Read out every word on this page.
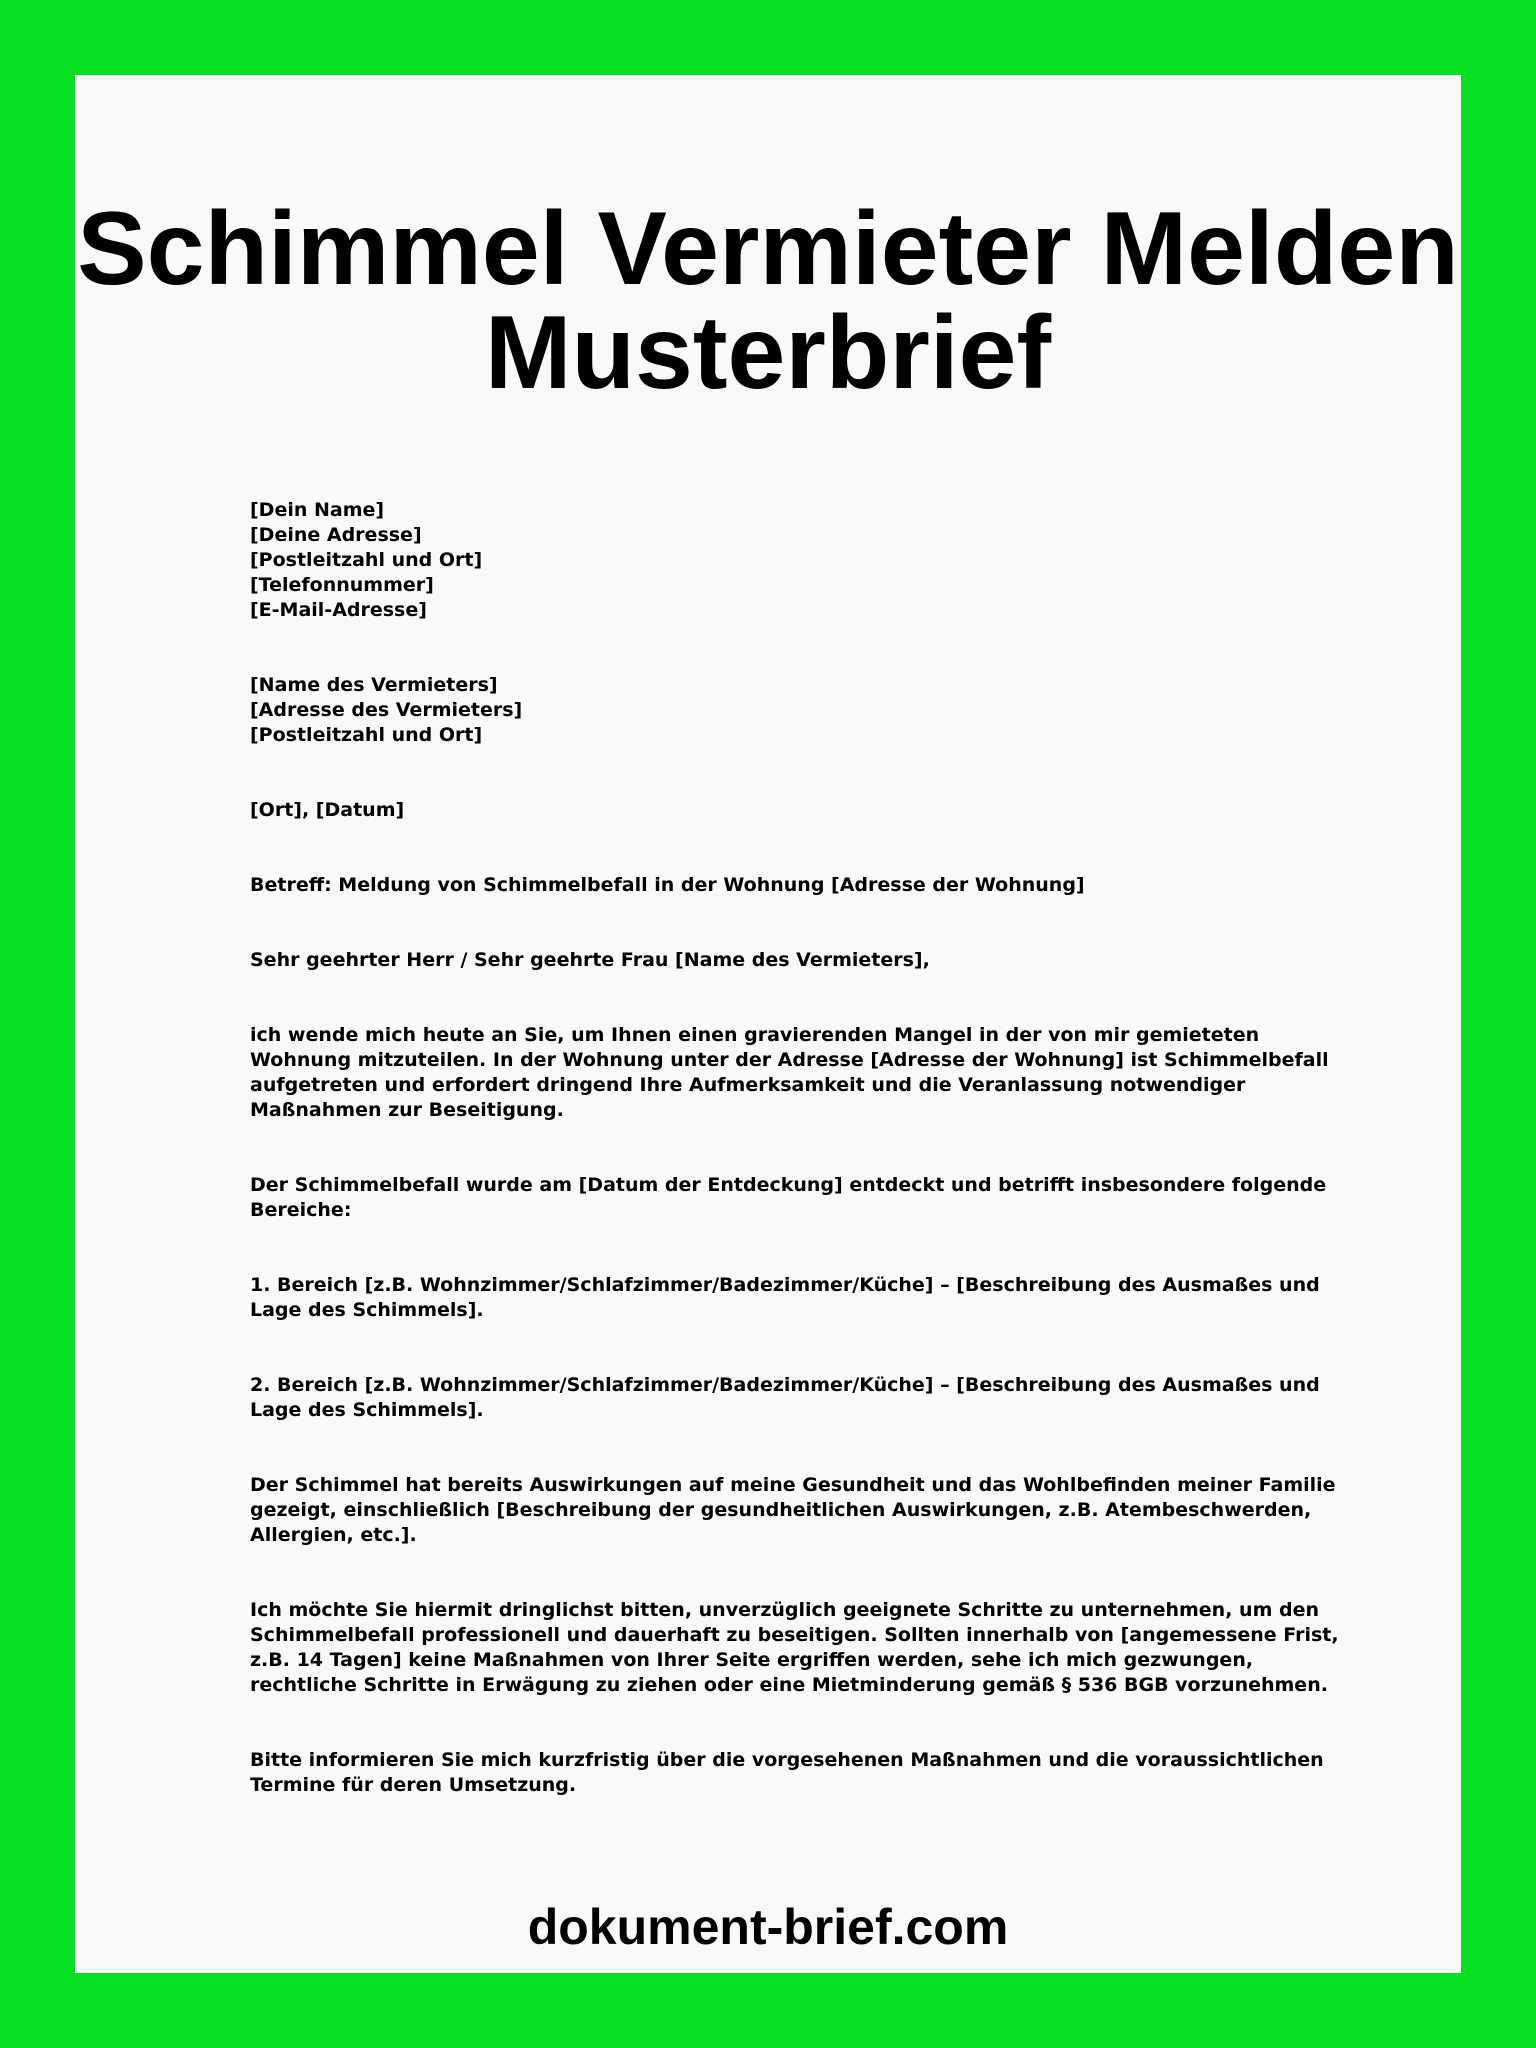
Schimmel Vermieter Melden
Musterbrief
[Dein Name]
[Deine Adresse]
[Postleitzahl und Ort]
[Telefonnummer]
[E-Mail-Adresse]
[Name des Vermieters]
[Adresse des Vermieters]
[Postleitzahl und Ort]

[Ort], [Datum]

Betreff: Meldung von Schimmelbefall in der Wohnung [Adresse der Wohnung]

Sehr geehrter Herr / Sehr geehrte Frau [Name des Vermieters],

ich wende mich heute an Sie, um Ihnen einen gravierenden Mangel in der von mir gemieteten Wohnung mitzuteilen. In der Wohnung unter der Adresse [Adresse der Wohnung] ist Schimmelbefall aufgetreten und erfordert dringend Ihre Aufmerksamkeit und die Veranlassung notwendiger Maßnahmen zur Beseitigung.

Der Schimmelbefall wurde am [Datum der Entdeckung] entdeckt und betrifft insbesondere folgende Bereiche:

1. Bereich [z.B. Wohnzimmer/Schlafzimmer/Badezimmer/Küche] – [Beschreibung des Ausmaßes und Lage des Schimmels].

2. Bereich [z.B. Wohnzimmer/Schlafzimmer/Badezimmer/Küche] – [Beschreibung des Ausmaßes und Lage des Schimmels].

Der Schimmel hat bereits Auswirkungen auf meine Gesundheit und das Wohlbefinden meiner Familie gezeigt, einschließlich [Beschreibung der gesundheitlichen Auswirkungen, z.B. Atembeschwerden, Allergien, etc.].

Ich möchte Sie hiermit dringlichst bitten, unverzüglich geeignete Schritte zu unternehmen, um den Schimmelbefall professionell und dauerhaft zu beseitigen. Sollten innerhalb von [angemessene Frist, z.B. 14 Tagen] keine Maßnahmen von Ihrer Seite ergriffen werden, sehe ich mich gezwungen, rechtliche Schritte in Erwägung zu ziehen oder eine Mietminderung gemäß § 536 BGB vorzunehmen.

Bitte informieren Sie mich kurzfristig über die vorgesehenen Maßnahmen und die voraussichtlichen Termine für deren Umsetzung.

dokument-brief.com
